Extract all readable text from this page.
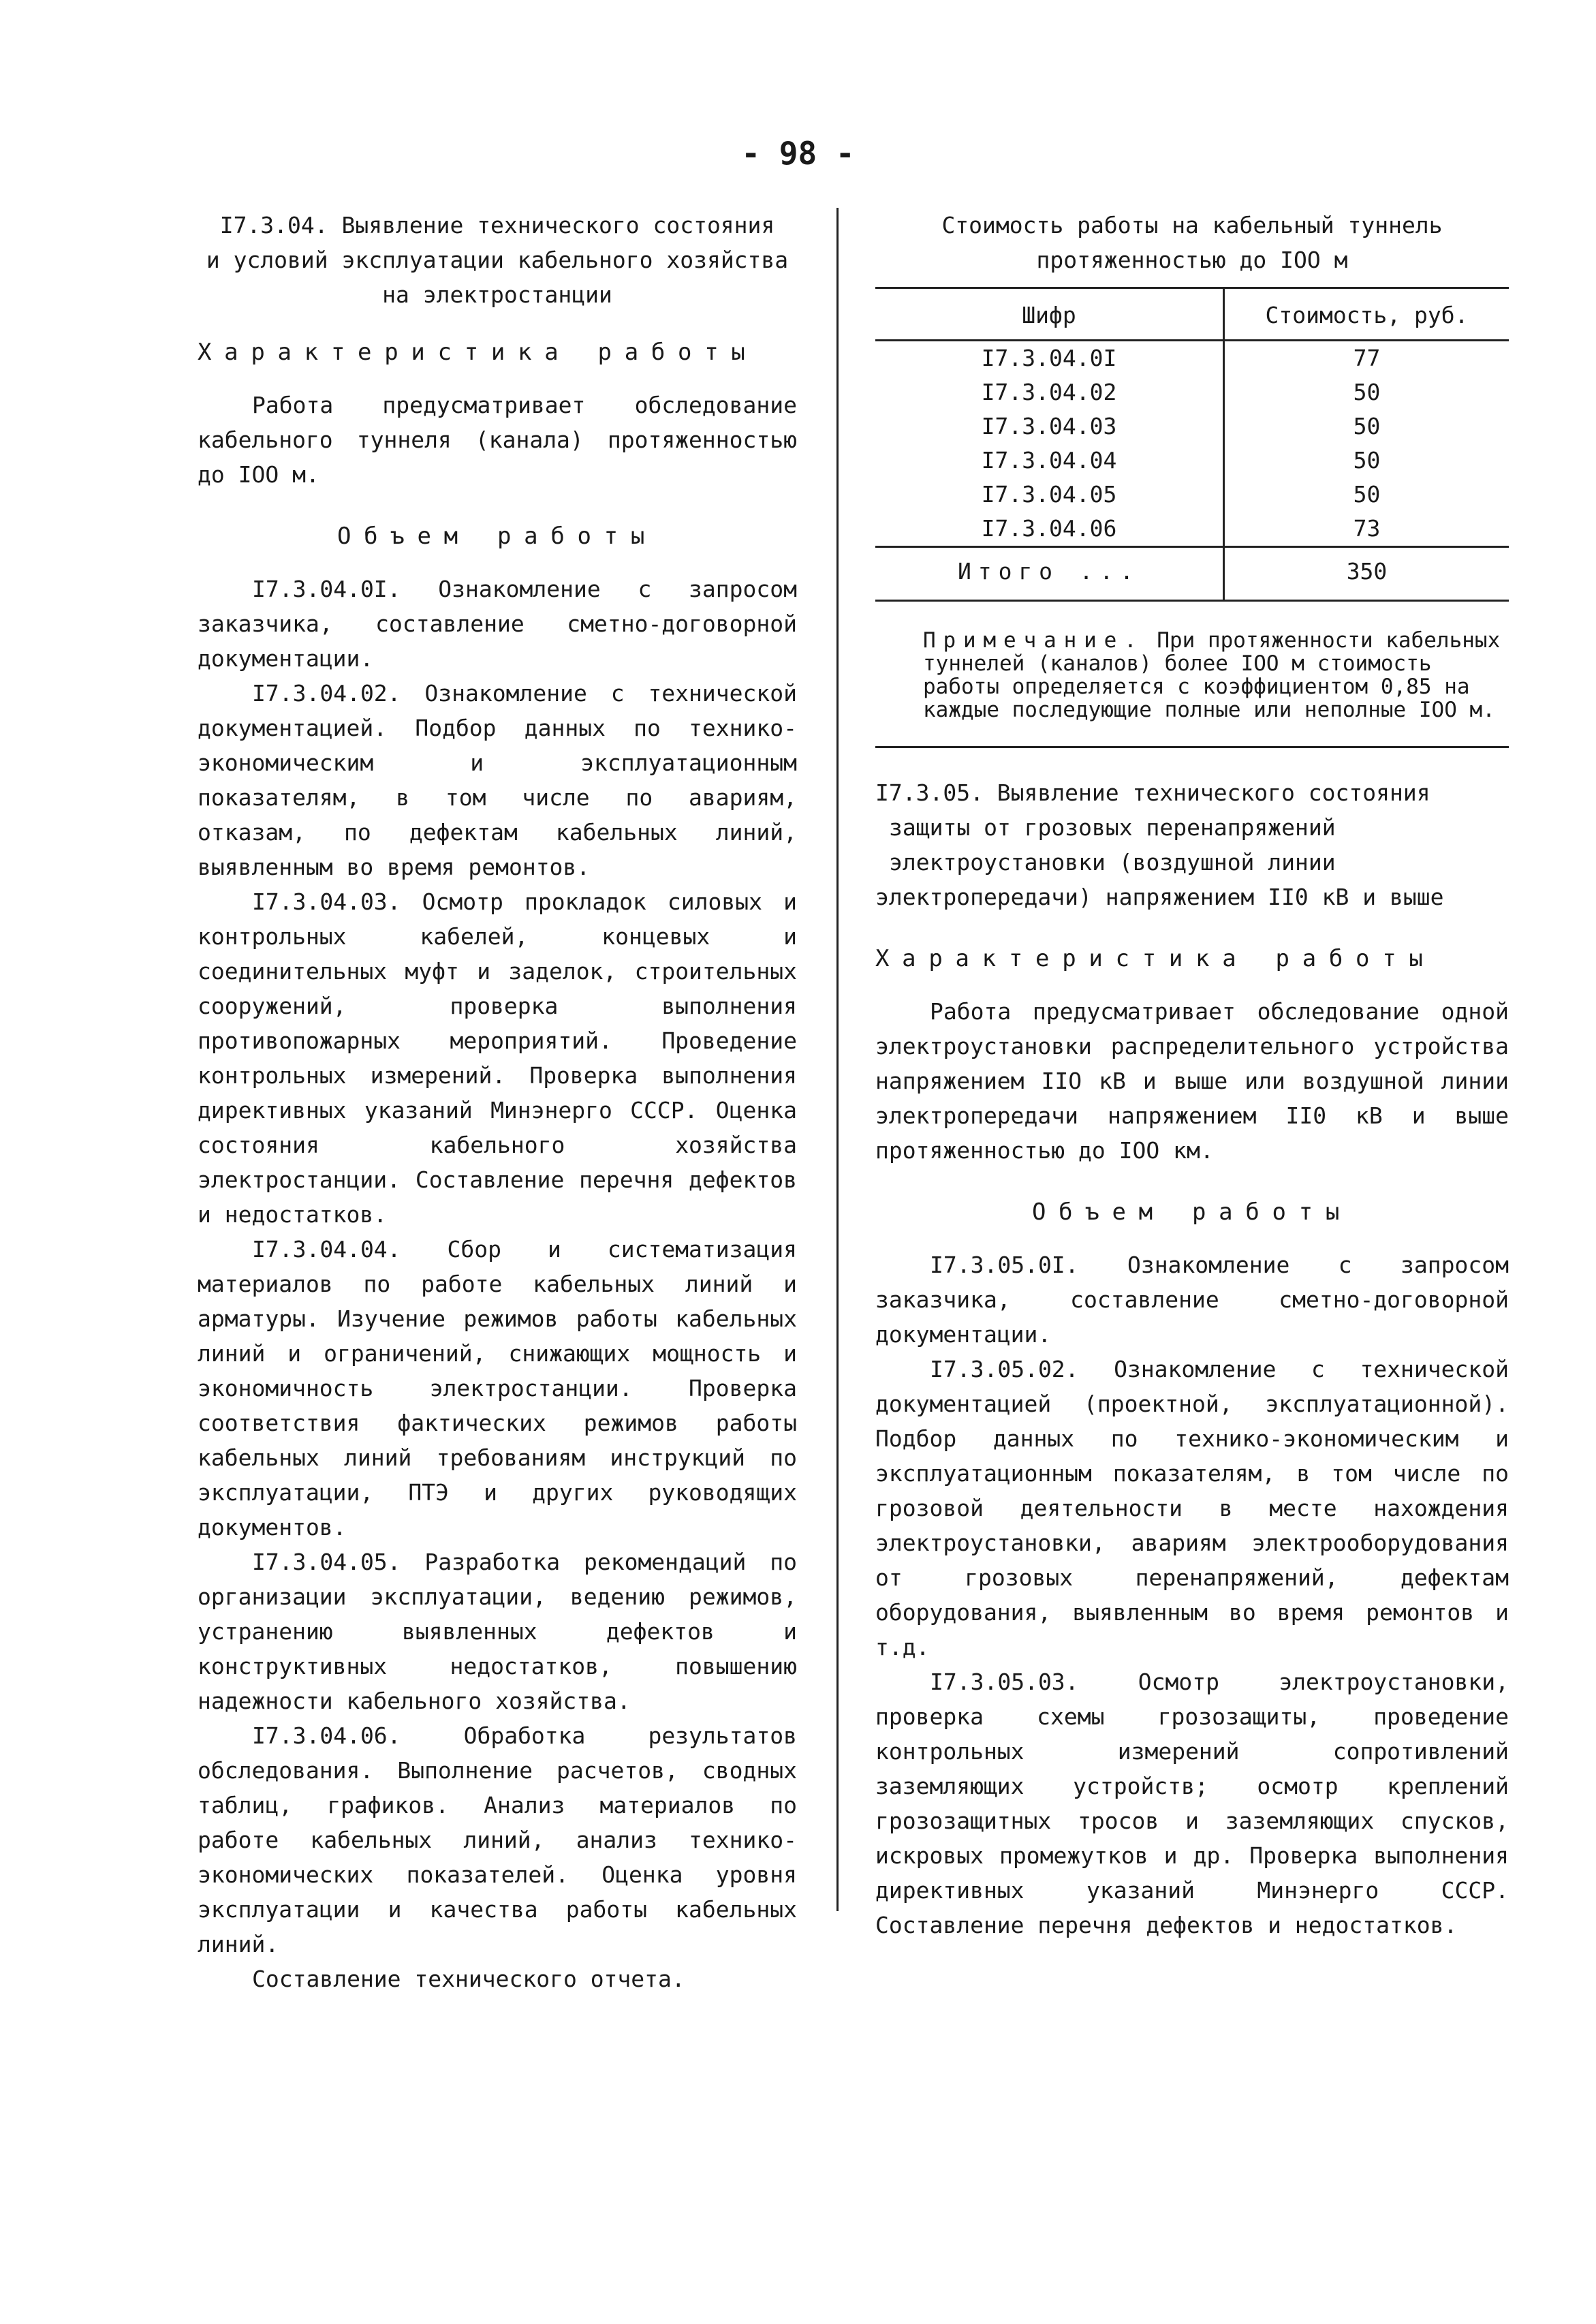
- 98 -
I7.3.04. Выявление технического состояния
и условий эксплуатации кабельного хозяйства
на электростанции
Характеристика работы

Работа предусматривает обследование кабельного туннеля (канала) протяженностью до IOO м.

Объем работы

I7.3.04.0I. Ознакомление с запросом заказчика, составление сметно-договорной документации.

I7.3.04.02. Ознакомление с технической документацией. Подбор данных по технико-экономическим и эксплуатационным показателям, в том числе по авариям, отказам, по дефектам кабельных линий, выявленным во время ремонтов.

I7.3.04.03. Осмотр прокладок силовых и контрольных кабелей, концевых и соединительных муфт и заделок, строительных сооружений, проверка выполнения противопожарных мероприятий. Проведение контрольных измерений. Проверка выполнения директивных указаний Минэнерго СССР. Оценка состояния кабельного хозяйства электростанции. Составление перечня дефектов и недостатков.

I7.3.04.04. Сбор и систематизация материалов по работе кабельных линий и арматуры. Изучение режимов работы кабельных линий и ограничений, снижающих мощность и экономичность электростанции. Проверка соответствия фактических режимов работы кабельных линий требованиям инструкций по эксплуатации, ПТЭ и других руководящих документов.

I7.3.04.05. Разработка рекомендаций по организации эксплуатации, ведению режимов, устранению выявленных дефектов и конструктивных недостатков, повышению надежности кабельного хозяйства.

I7.3.04.06. Обработка результатов обследования. Выполнение расчетов, сводных таблиц, графиков. Анализ материалов по работе кабельных линий, анализ технико-экономических показателей. Оценка уровня эксплуатации и качества работы кабельных линий.

Составление технического отчета.

Стоимость работы на кабельный туннель
протяженностью до IOO м
Шифр	Стоимость, руб.
I7.3.04.0I	77
I7.3.04.02	50
I7.3.04.03	50
I7.3.04.04	50
I7.3.04.05	50
I7.3.04.06	73
Итого ...	350
Примечание. При протяженности кабельных туннелей (каналов) более IOO м стоимость работы определяется с коэффициентом 0,85 на каждые последующие полные или неполные IOO м.
I7.3.05. Выявление технического состояния
защиты от грозовых перенапряжений
электроустановки (воздушной линии
электропередачи) напряжением II0 кВ и выше
Характеристика работы

Работа предусматривает обследование одной электроустановки распределительного устройства напряжением IIO кВ и выше или воздушной линии электропередачи напряжением II0 кВ и выше протяженностью до IOO км.

Объем работы

I7.3.05.0I. Ознакомление с запросом заказчика, составление сметно-договорной документации.

I7.3.05.02. Ознакомление с технической документацией (проектной, эксплуатационной). Подбор данных по технико-экономическим и эксплуатационным показателям, в том числе по грозовой деятельности в месте нахождения электроустановки, авариям электрооборудования от грозовых перенапряжений, дефектам оборудования, выявленным во время ремонтов и т.д.

I7.3.05.03. Осмотр электроустановки, проверка схемы грозозащиты, проведение контрольных измерений сопротивлений заземляющих устройств; осмотр креплений грозозащитных тросов и заземляющих спусков, искровых промежутков и др. Проверка выполнения директивных указаний Минэнерго СССР. Составление перечня дефектов и недостатков.
